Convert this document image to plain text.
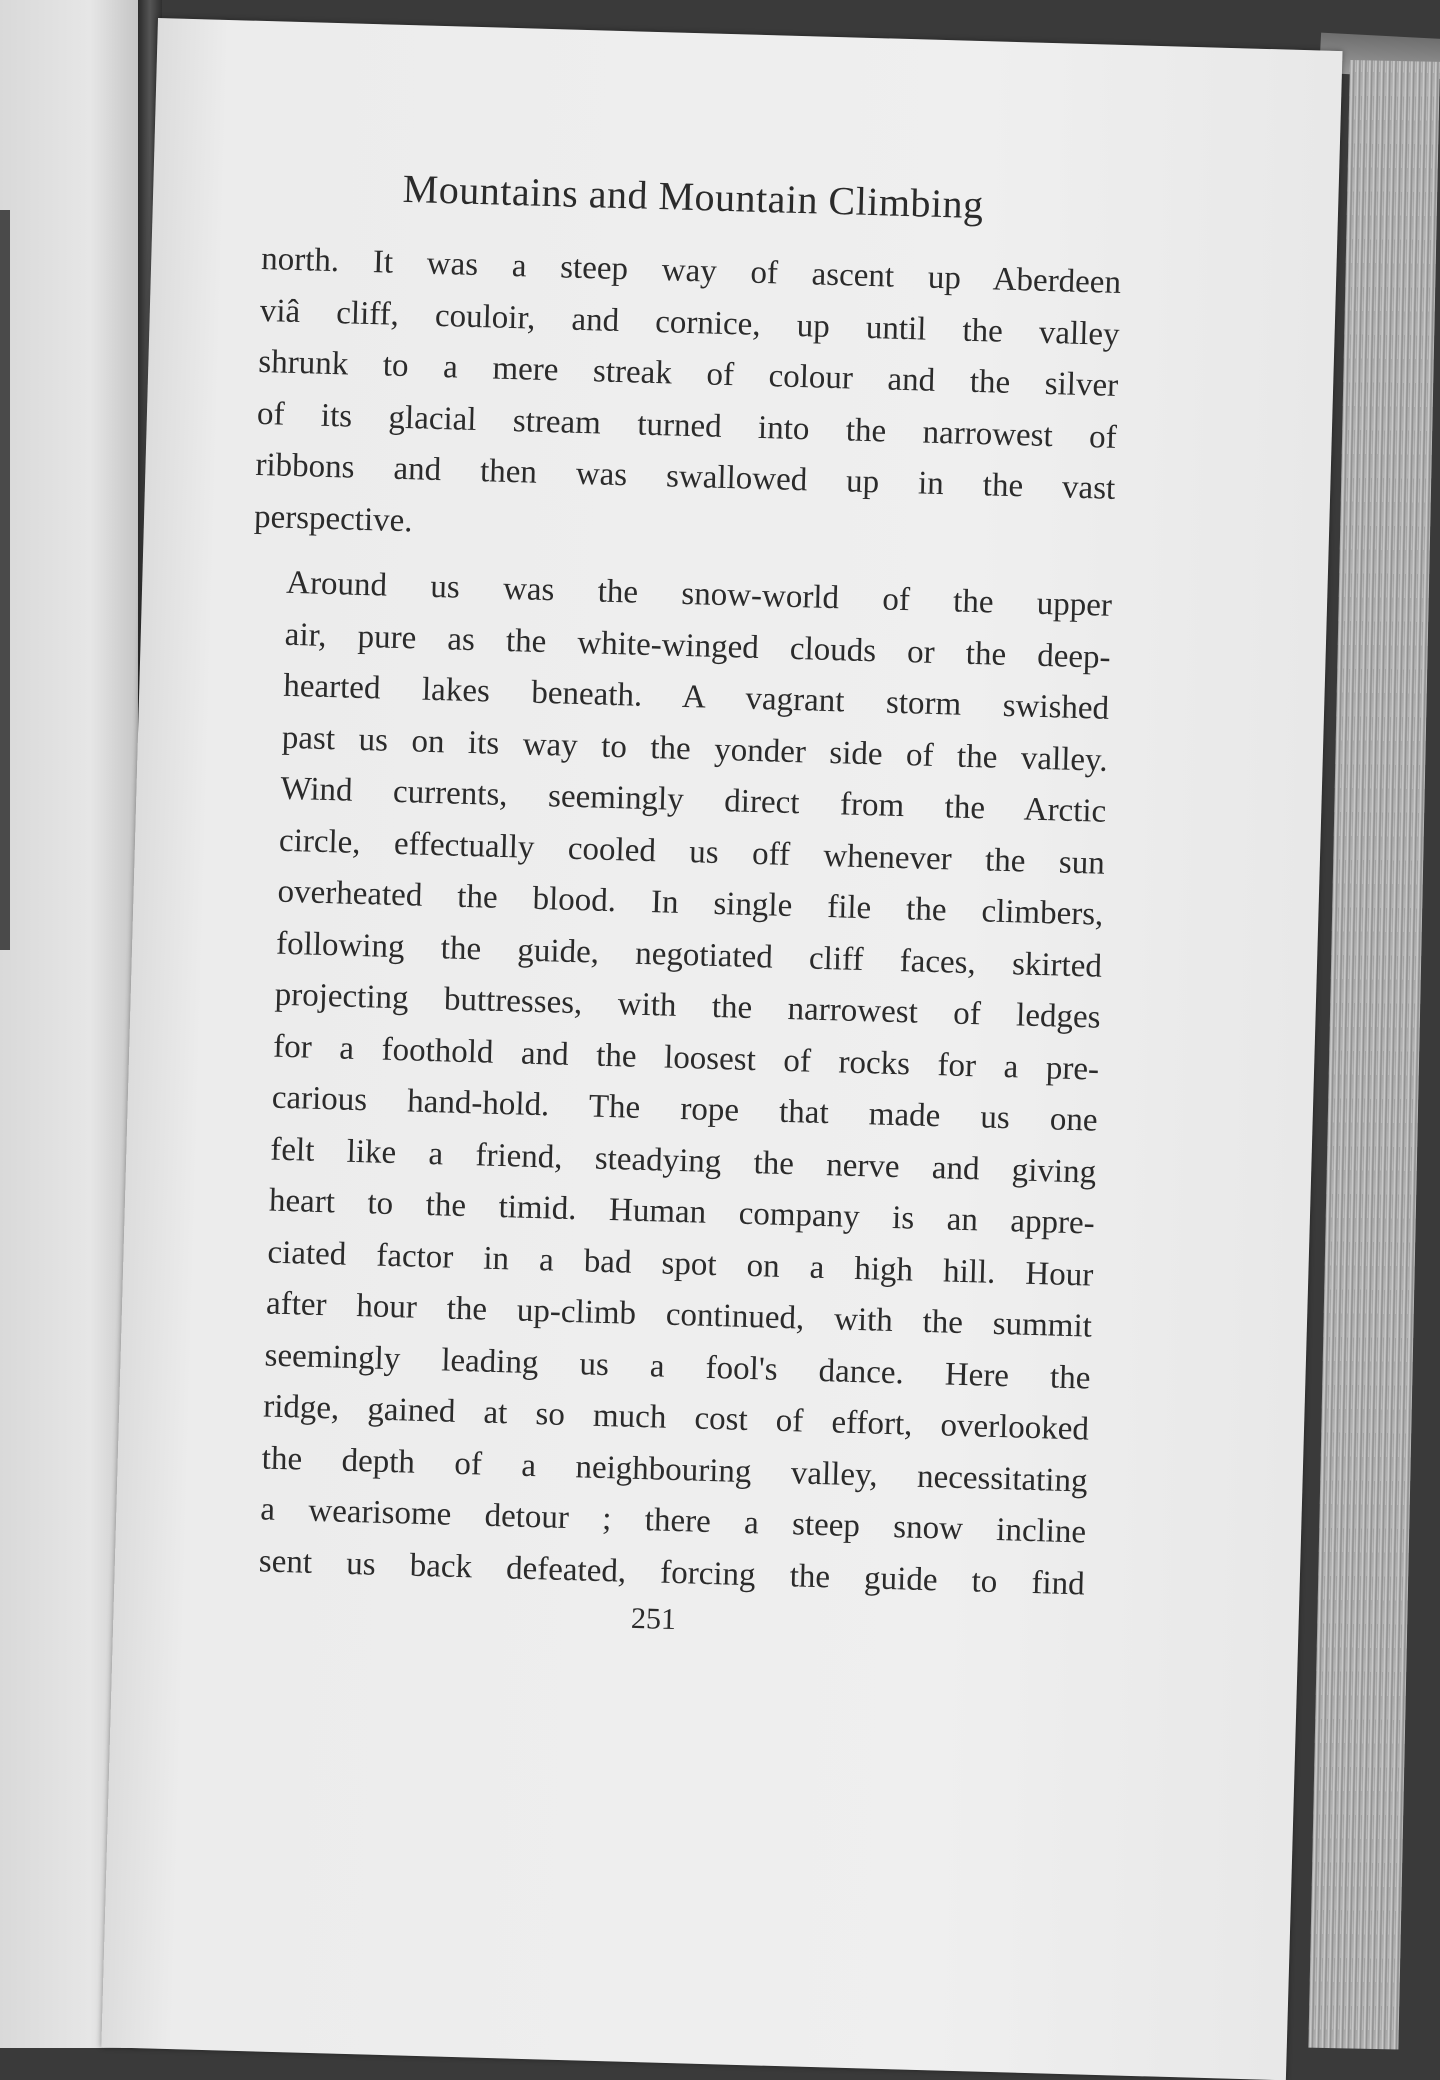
Mountains and Mountain Climbing

north. It was a steep way of ascent up Aberdeen
viâ cliff, couloir, and cornice, up until the valley
shrunk to a mere streak of colour and the silver
of its glacial stream turned into the narrowest of
ribbons and then was swallowed up in the vast
perspective.

Around us was the snow-world of the upper
air, pure as the white-winged clouds or the deep-
hearted lakes beneath. A vagrant storm swished
past us on its way to the yonder side of the valley.
Wind currents, seemingly direct from the Arctic
circle, effectually cooled us off whenever the sun
overheated the blood. In single file the climbers,
following the guide, negotiated cliff faces, skirted
projecting buttresses, with the narrowest of ledges
for a foothold and the loosest of rocks for a pre-
carious hand-hold. The rope that made us one
felt like a friend, steadying the nerve and giving
heart to the timid. Human company is an appre-
ciated factor in a bad spot on a high hill. Hour
after hour the up-climb continued, with the summit
seemingly leading us a fool's dance. Here the
ridge, gained at so much cost of effort, overlooked
the depth of a neighbouring valley, necessitating
a wearisome detour ; there a steep snow incline
sent us back defeated, forcing the guide to find

251
